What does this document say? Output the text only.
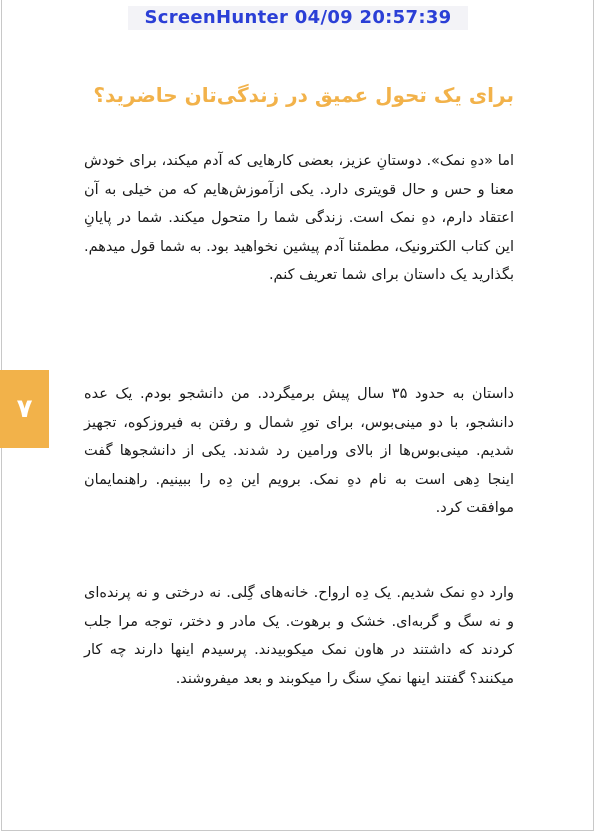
ScreenHunter 04/09 20:57:39
برای یک تحول عمیق در زندگی‌تان حاضرید؟
اما «دهِ نمک». دوستانِ عزیز، بعضی کارهایی که آدم میکند، برای خودش معنا و حس و حال قویتری دارد. یکی ازآموزش‌هایم که من خیلی به آن اعتقاد دارم، دهِ نمک است. زندگی شما را متحول میکند. شما در پایانِ این کتاب الکترونیک، مطمئنا آدم پیشین نخواهید بود. به شما قول میدهم. بگذارید یک داستان برای شما تعریف کنم.
۷	داستان به حدود ۳۵ سال پیش برمیگردد. من دانشجو بودم. یک عده دانشجو، با دو مینی‌بوس، برای تورِ شمال و رفتن به فیروزکوه، تجهیز شدیم. مینی‌بوس‌ها از بالای ورامین رد شدند. یکی از دانشجوها گفت اینجا دِهی است به نام دهِ نمک. برویم این دِه را ببینیم. راهنمایمان موافقت کرد.
وارد دهِ نمک شدیم. یک دِه ارواح. خانه‌های گِلی. نه درختی و نه پرنده‌ای و نه سگ و گربه‌ای. خشک و برهوت. یک مادر و دختر، توجه مرا جلب کردند که داشتند در هاون نمک میکوبیدند. پرسیدم اینها دارند چه کار میکنند؟ گفتند اینها نمکِ سنگ را میکوبند و بعد میفروشند.
